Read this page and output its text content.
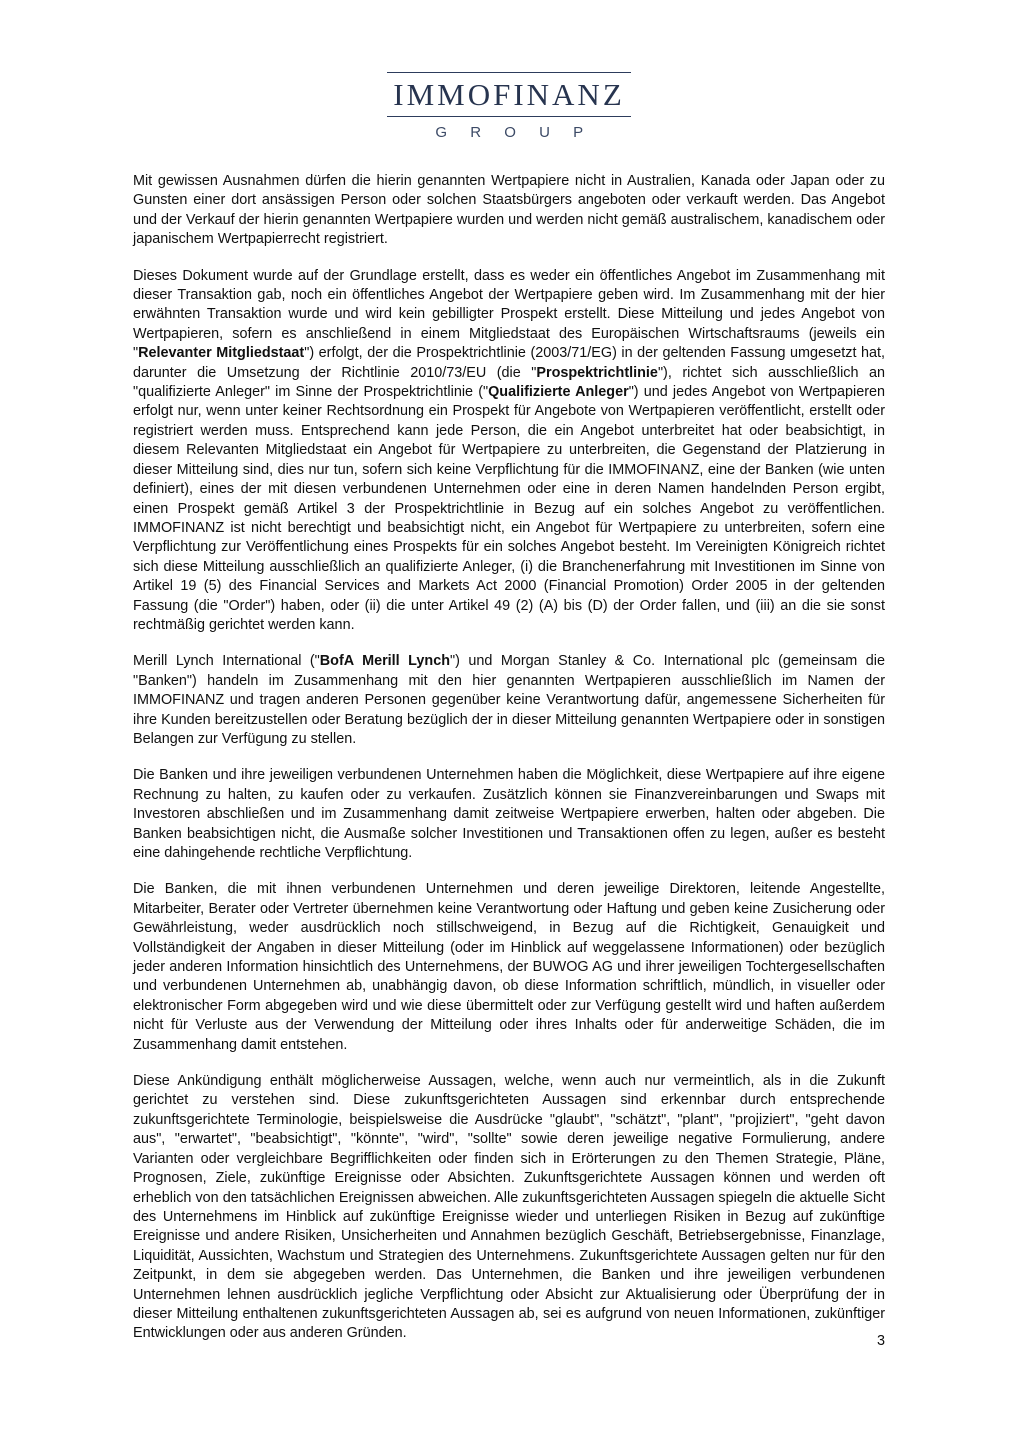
IMMOFINANZ
G R O U P

Mit gewissen Ausnahmen dürfen die hierin genannten Wertpapiere nicht in Australien, Kanada oder Japan oder zu Gunsten einer dort ansässigen Person oder solchen Staatsbürgers angeboten oder verkauft werden. Das Angebot und der Verkauf der hierin genannten Wertpapiere wurden und werden nicht gemäß australischem, kanadischem oder japanischem Wertpapierrecht registriert.

Dieses Dokument wurde auf der Grundlage erstellt, dass es weder ein öffentliches Angebot im Zusammenhang mit dieser Transaktion gab, noch ein öffentliches Angebot der Wertpapiere geben wird. Im Zusammenhang mit der hier erwähnten Transaktion wurde und wird kein gebilligter Prospekt erstellt. Diese Mitteilung und jedes Angebot von Wertpapieren, sofern es anschließend in einem Mitgliedstaat des Europäischen Wirtschaftsraums (jeweils ein "Relevanter Mitgliedstaat") erfolgt, der die Prospektrichtlinie (2003/71/EG) in der geltenden Fassung umgesetzt hat, darunter die Umsetzung der Richtlinie 2010/73/EU (die "Prospektrichtlinie"), richtet sich ausschließlich an "qualifizierte Anleger" im Sinne der Prospektrichtlinie ("Qualifizierte Anleger") und jedes Angebot von Wertpapieren erfolgt nur, wenn unter keiner Rechtsordnung ein Prospekt für Angebote von Wertpapieren veröffentlicht, erstellt oder registriert werden muss. Entsprechend kann jede Person, die ein Angebot unterbreitet hat oder beabsichtigt, in diesem Relevanten Mitgliedstaat ein Angebot für Wertpapiere zu unterbreiten, die Gegenstand der Platzierung in dieser Mitteilung sind, dies nur tun, sofern sich keine Verpflichtung für die IMMOFINANZ, eine der Banken (wie unten definiert), eines der mit diesen verbundenen Unternehmen oder eine in deren Namen handelnden Person ergibt, einen Prospekt gemäß Artikel 3 der Prospektrichtlinie in Bezug auf ein solches Angebot zu veröffentlichen. IMMOFINANZ ist nicht berechtigt und beabsichtigt nicht, ein Angebot für Wertpapiere zu unterbreiten, sofern eine Verpflichtung zur Veröffentlichung eines Prospekts für ein solches Angebot besteht. Im Vereinigten Königreich richtet sich diese Mitteilung ausschließlich an qualifizierte Anleger, (i) die Branchenerfahrung mit Investitionen im Sinne von Artikel 19 (5) des Financial Services and Markets Act 2000 (Financial Promotion) Order 2005 in der geltenden Fassung (die "Order") haben, oder (ii) die unter Artikel 49 (2) (A) bis (D) der Order fallen, und (iii) an die sie sonst rechtmäßig gerichtet werden kann.

Merill Lynch International ("BofA Merill Lynch") und Morgan Stanley & Co. International plc (gemeinsam die "Banken") handeln im Zusammenhang mit den hier genannten Wertpapieren ausschließlich im Namen der IMMOFINANZ und tragen anderen Personen gegenüber keine Verantwortung dafür, angemessene Sicherheiten für ihre Kunden bereitzustellen oder Beratung bezüglich der in dieser Mitteilung genannten Wertpapiere oder in sonstigen Belangen zur Verfügung zu stellen.

Die Banken und ihre jeweiligen verbundenen Unternehmen haben die Möglichkeit, diese Wertpapiere auf ihre eigene Rechnung zu halten, zu kaufen oder zu verkaufen. Zusätzlich können sie Finanzvereinbarungen und Swaps mit Investoren abschließen und im Zusammenhang damit zeitweise Wertpapiere erwerben, halten oder abgeben. Die Banken beabsichtigen nicht, die Ausmaße solcher Investitionen und Transaktionen offen zu legen, außer es besteht eine dahingehende rechtliche Verpflichtung.

Die Banken, die mit ihnen verbundenen Unternehmen und deren jeweilige Direktoren, leitende Angestellte, Mitarbeiter, Berater oder Vertreter übernehmen keine Verantwortung oder Haftung und geben keine Zusicherung oder Gewährleistung, weder ausdrücklich noch stillschweigend, in Bezug auf die Richtigkeit, Genauigkeit und Vollständigkeit der Angaben in dieser Mitteilung (oder im Hinblick auf weggelassene Informationen) oder bezüglich jeder anderen Information hinsichtlich des Unternehmens, der BUWOG AG und ihrer jeweiligen Tochtergesellschaften und verbundenen Unternehmen ab, unabhängig davon, ob diese Information schriftlich, mündlich, in visueller oder elektronischer Form abgegeben wird und wie diese übermittelt oder zur Verfügung gestellt wird und haften außerdem nicht für Verluste aus der Verwendung der Mitteilung oder ihres Inhalts oder für anderweitige Schäden, die im Zusammenhang damit entstehen.

Diese Ankündigung enthält möglicherweise Aussagen, welche, wenn auch nur vermeintlich, als in die Zukunft gerichtet zu verstehen sind. Diese zukunftsgerichteten Aussagen sind erkennbar durch entsprechende zukunftsgerichtete Terminologie, beispielsweise die Ausdrücke "glaubt", "schätzt", "plant", "projiziert", "geht davon aus", "erwartet", "beabsichtigt", "könnte", "wird", "sollte" sowie deren jeweilige negative Formulierung, andere Varianten oder vergleichbare Begrifflichkeiten oder finden sich in Erörterungen zu den Themen Strategie, Pläne, Prognosen, Ziele, zukünftige Ereignisse oder Absichten. Zukunftsgerichtete Aussagen können und werden oft erheblich von den tatsächlichen Ereignissen abweichen. Alle zukunftsgerichteten Aussagen spiegeln die aktuelle Sicht des Unternehmens im Hinblick auf zukünftige Ereignisse wieder und unterliegen Risiken in Bezug auf zukünftige Ereignisse und andere Risiken, Unsicherheiten und Annahmen bezüglich Geschäft, Betriebsergebnisse, Finanzlage, Liquidität, Aussichten, Wachstum und Strategien des Unternehmens. Zukunftsgerichtete Aussagen gelten nur für den Zeitpunkt, in dem sie abgegeben werden. Das Unternehmen, die Banken und ihre jeweiligen verbundenen Unternehmen lehnen ausdrücklich jegliche Verpflichtung oder Absicht zur Aktualisierung oder Überprüfung der in dieser Mitteilung enthaltenen zukunftsgerichteten Aussagen ab, sei es aufgrund von neuen Informationen, zukünftiger Entwicklungen oder aus anderen Gründen.	3
